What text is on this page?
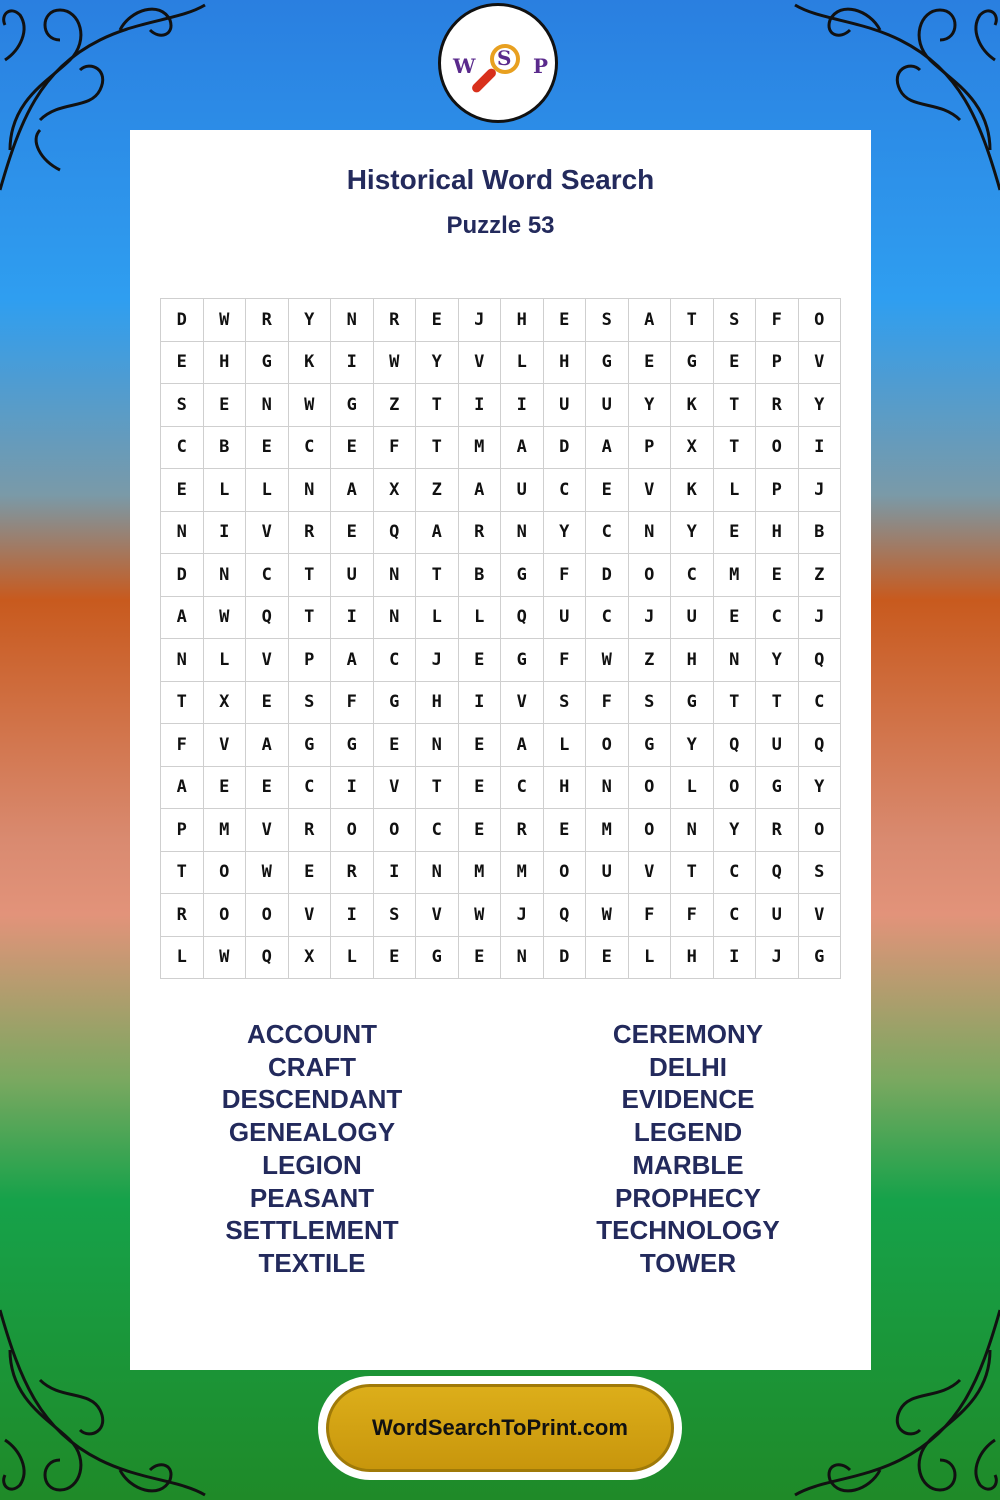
W S P
Historical Word Search
Puzzle 53
D	W	R	Y	N	R	E	J	H	E	S	A	T	S	F	O
E	H	G	K	I	W	Y	V	L	H	G	E	G	E	P	V
S	E	N	W	G	Z	T	I	I	U	U	Y	K	T	R	Y
C	B	E	C	E	F	T	M	A	D	A	P	X	T	O	I
E	L	L	N	A	X	Z	A	U	C	E	V	K	L	P	J
N	I	V	R	E	Q	A	R	N	Y	C	N	Y	E	H	B
D	N	C	T	U	N	T	B	G	F	D	O	C	M	E	Z
A	W	Q	T	I	N	L	L	Q	U	C	J	U	E	C	J
N	L	V	P	A	C	J	E	G	F	W	Z	H	N	Y	Q
T	X	E	S	F	G	H	I	V	S	F	S	G	T	T	C
F	V	A	G	G	E	N	E	A	L	O	G	Y	Q	U	Q
A	E	E	C	I	V	T	E	C	H	N	O	L	O	G	Y
P	M	V	R	O	O	C	E	R	E	M	O	N	Y	R	O
T	O	W	E	R	I	N	M	M	O	U	V	T	C	Q	S
R	O	O	V	I	S	V	W	J	Q	W	F	F	C	U	V
L	W	Q	X	L	E	G	E	N	D	E	L	H	I	J	G
ACCOUNT
CRAFT
DESCENDANT
GENEALOGY
LEGION
PEASANT
SETTLEMENT
TEXTILE
CEREMONY
DELHI
EVIDENCE
LEGEND
MARBLE
PROPHECY
TECHNOLOGY
TOWER
WordSearchToPrint.com
